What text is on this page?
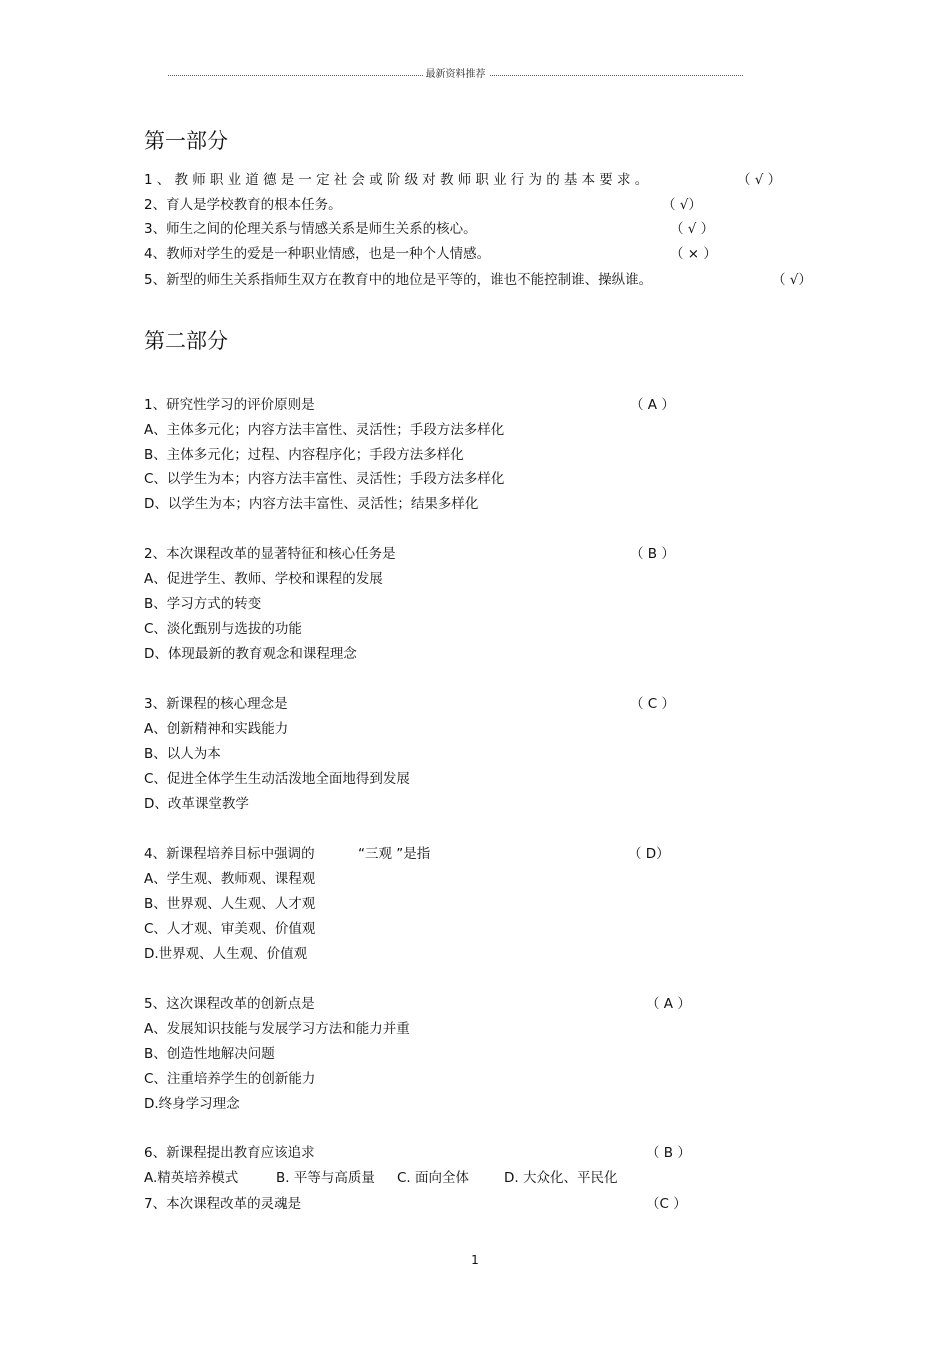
最新资料推荐
第一部分
1、教师职业道德是一定社会或阶级对教师职业行为的基本要求。	（ √ ）
2、育人是学校教育的根本任务。	（ √）
3、师生之间的伦理关系与情感关系是师生关系的核心。	（ √ ）
4、教师对学生的爱是一种职业情感，也是一种个人情感。	（ × ）
5、新型的师生关系指师生双方在教育中的地位是平等的，谁也不能控制谁、操纵谁。	（ √）
第二部分
1、研究性学习的评价原则是	（ A ）
A、主体多元化；内容方法丰富性、灵活性；手段方法多样化
B、主体多元化；过程、内容程序化；手段方法多样化
C、以学生为本；内容方法丰富性、灵活性；手段方法多样化
D、以学生为本；内容方法丰富性、灵活性；结果多样化
2、本次课程改革的显著特征和核心任务是	（ B ）
A、促进学生、教师、学校和课程的发展
B、学习方式的转变
C、淡化甄别与选拔的功能
D、体现最新的教育观念和课程理念
3、新课程的核心理念是	（ C ）
A、创新精神和实践能力
B、以人为本
C、促进全体学生生动活泼地全面地得到发展
D、改革课堂教学
4、新课程培养目标中强调的	“三观 ”是指	（ D）
A、学生观、教师观、课程观
B、世界观、人生观、人才观
C、人才观、审美观、价值观
D.世界观、人生观、价值观
5、这次课程改革的创新点是	（ A ）
A、发展知识技能与发展学习方法和能力并重
B、创造性地解决问题
C、注重培养学生的创新能力
D.终身学习理念
6、新课程提出教育应该追求	（ B ）
A.精英培养模式	B. 平等与高质量 C. 面向全体	D. 大众化、平民化
7、本次课程改革的灵魂是	（C ）
1
